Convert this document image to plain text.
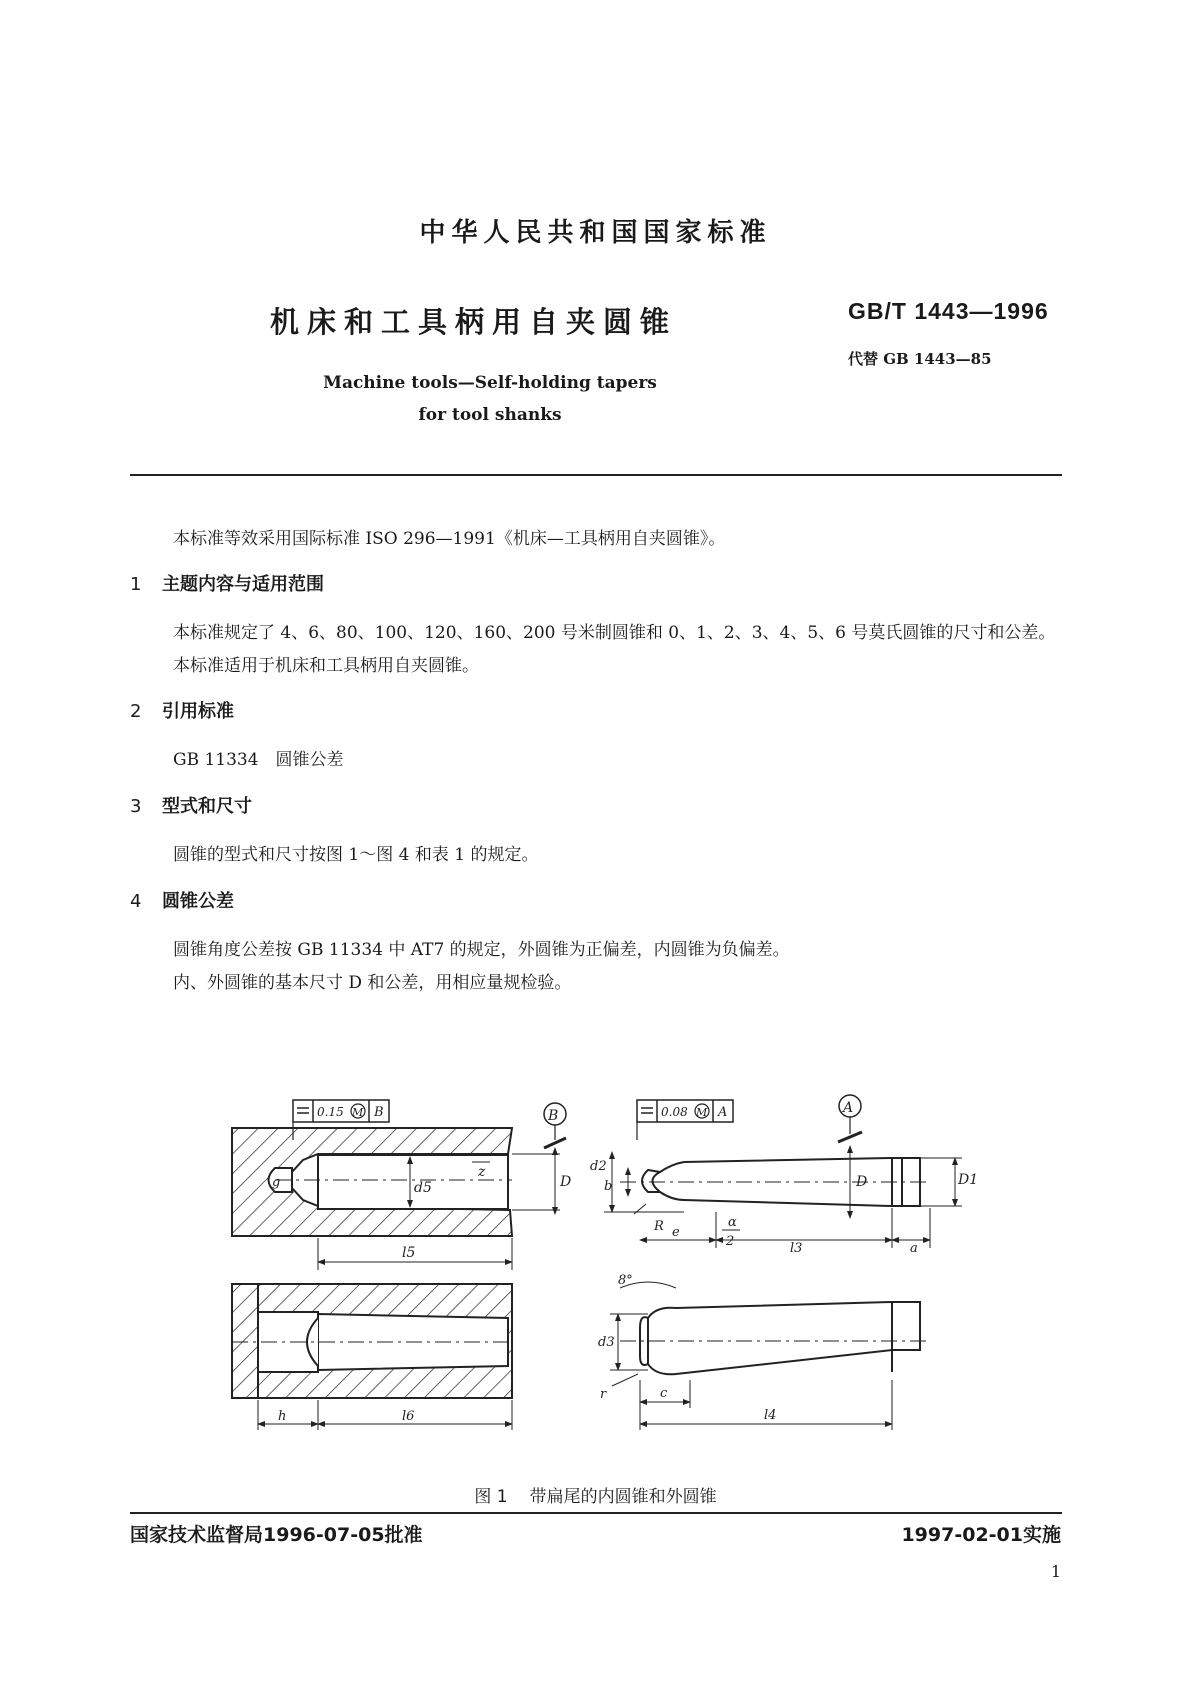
中华人民共和国国家标准
机床和工具柄用自夹圆锥	GB/T 1443—1996
代替 GB 1443—85
Machine tools—Self-holding tapers
for tool shanks
本标准等效采用国际标准 ISO 296—1991《机床—工具柄用自夹圆锥》。
1 主题内容与适用范围
本标准规定了 4、6、80、100、120、160、200 号米制圆锥和 0、1、2、3、4、5、6 号莫氏圆锥的尺寸和公差。
本标准适用于机床和工具柄用自夹圆锥。
2 引用标准
GB 11334　圆锥公差
3 型式和尺寸
圆锥的型式和尺寸按图 1～图 4 和表 1 的规定。
4 圆锥公差
圆锥角度公差按 GB 11334 中 AT7 的规定，外圆锥为正偏差，内圆锥为负偏差。
内、外圆锥的基本尺寸 D 和公差，用相应量规检验。
0.15 M B	B
g	d5
z
D
l5
h	l6
0.08 M A	A
d2
b
R e
α
2	l3	a
D	D1
8°
d3
r	c
l4
图 1 带扁尾的内圆锥和外圆锥
国家技术监督局1996-07-05批准	1997-02-01实施
1
